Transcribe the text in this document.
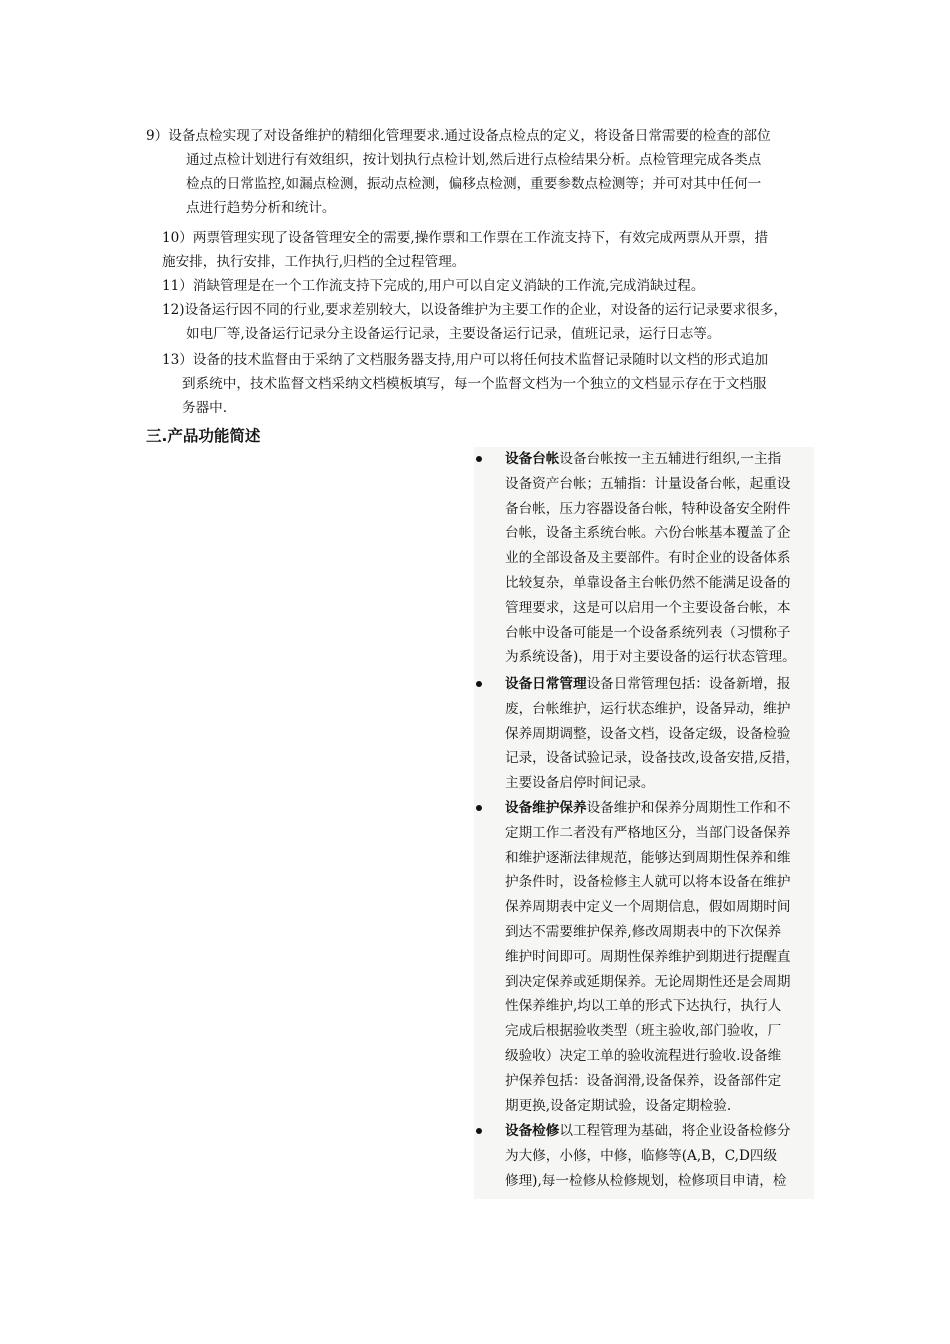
9）设备点检实现了对设备维护的精细化管理要求.通过设备点检点的定义，将设备日常需要的检查的部位
通过点检计划进行有效组织，按计划执行点检计划,然后进行点检结果分析。点检管理完成各类点
检点的日常监控,如漏点检测，振动点检测，偏移点检测，重要参数点检测等；并可对其中任何一
点进行趋势分析和统计。
10）两票管理实现了设备管理安全的需要,操作票和工作票在工作流支持下，有效完成两票从开票，措
施安排，执行安排，工作执行,归档的全过程管理。
11）消缺管理是在一个工作流支持下完成的,用户可以自定义消缺的工作流,完成消缺过程。
12)设备运行因不同的行业,要求差别较大，以设备维护为主要工作的企业，对设备的运行记录要求很多，
如电厂等,设备运行记录分主设备运行记录，主要设备运行记录，值班记录，运行日志等。
13）设备的技术监督由于采纳了文档服务器支持,用户可以将任何技术监督记录随时以文档的形式追加
到系统中，技术监督文档采纳文档模板填写，每一个监督文档为一个独立的文档显示存在于文档服
务器中.
三.产品功能简述
设备台帐设备台帐按一主五辅进行组织,一主指
设备资产台帐；五辅指：计量设备台帐，起重设
备台帐，压力容器设备台帐，特种设备安全附件
台帐，设备主系统台帐。六份台帐基本覆盖了企
业的全部设备及主要部件。有时企业的设备体系
比较复杂，单靠设备主台帐仍然不能满足设备的
管理要求，这是可以启用一个主要设备台帐，本
台帐中设备可能是一个设备系统列表（习惯称子
为系统设备)，用于对主要设备的运行状态管理。
设备日常管理设备日常管理包括：设备新增，报
废，台帐维护，运行状态维护，设备异动，维护
保养周期调整，设备文档，设备定级，设备检验
记录，设备试验记录，设备技改,设备安措,反措，
主要设备启停时间记录。
设备维护保养设备维护和保养分周期性工作和不
定期工作二者没有严格地区分，当部门设备保养
和维护逐渐法律规范，能够达到周期性保养和维
护条件时，设备检修主人就可以将本设备在维护
保养周期表中定义一个周期信息，假如周期时间
到达不需要维护保养,修改周期表中的下次保养
维护时间即可。周期性保养维护到期进行提醒直
到决定保养或延期保养。无论周期性还是会周期
性保养维护,均以工单的形式下达执行，执行人
完成后根据验收类型（班主验收,部门验收，厂
级验收）决定工单的验收流程进行验收.设备维
护保养包括：设备润滑,设备保养，设备部件定
期更换,设备定期试验，设备定期检验.
设备检修以工程管理为基础，将企业设备检修分
为大修，小修，中修，临修等(A,B，C,D四级
修理),每一检修从检修规划，检修项目申请，检
